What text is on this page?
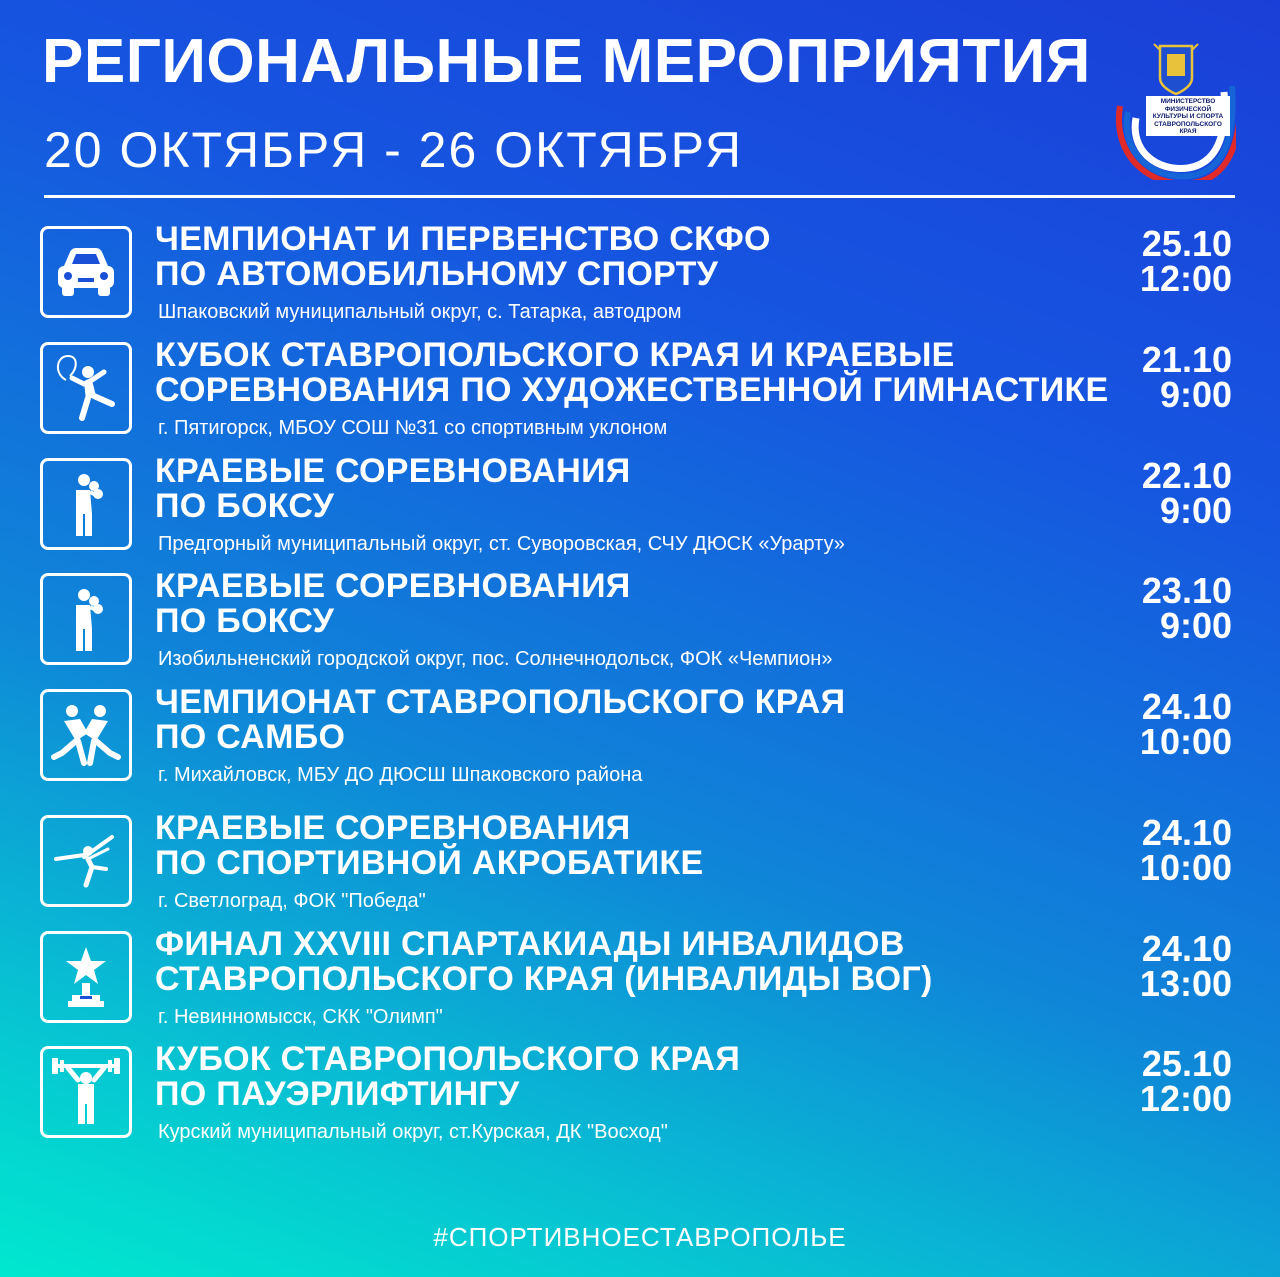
РЕГИОНАЛЬНЫЕ МЕРОПРИЯТИЯ
20 ОКТЯБРЯ - 26 ОКТЯБРЯ
МИНИСТЕРСТВО
ФИЗИЧЕСКОЙ
КУЛЬТУРЫ И СПОРТА
СТАВРОПОЛЬСКОГО
КРАЯ
ЧЕМПИОНАТ И ПЕРВЕНСТВО СКФО
ПО АВТОМОБИЛЬНОМУ СПОРТУ
Шпаковский муниципальный округ, с. Татарка, автодром
25.10
12:00
КУБОК СТАВРОПОЛЬСКОГО КРАЯ И КРАЕВЫЕ
СОРЕВНОВАНИЯ ПО ХУДОЖЕСТВЕННОЙ ГИМНАСТИКЕ
г. Пятигорск, МБОУ СОШ №31 со спортивным уклоном
21.10
9:00
КРАЕВЫЕ СОРЕВНОВАНИЯ
ПО БОКСУ
Предгорный муниципальный округ, ст. Суворовская, СЧУ ДЮСК «Урарту»
22.10
9:00
КРАЕВЫЕ СОРЕВНОВАНИЯ
ПО БОКСУ
Изобильненский городской округ, пос. Солнечнодольск, ФОК «Чемпион»
23.10
9:00
ЧЕМПИОНАТ СТАВРОПОЛЬСКОГО КРАЯ
ПО САМБО
г. Михайловск, МБУ ДО ДЮСШ Шпаковского района
24.10
10:00
КРАЕВЫЕ СОРЕВНОВАНИЯ
ПО СПОРТИВНОЙ АКРОБАТИКЕ
г. Светлоград, ФОК "Победа"
24.10
10:00
ФИНАЛ XXVIII СПАРТАКИАДЫ ИНВАЛИДОВ
СТАВРОПОЛЬСКОГО КРАЯ (ИНВАЛИДЫ ВОГ)
г. Невинномысск, СКК "Олимп"
24.10
13:00
КУБОК СТАВРОПОЛЬСКОГО КРАЯ
ПО ПАУЭРЛИФТИНГУ
Курский муниципальный округ, ст.Курская, ДК "Восход"
25.10
12:00
#СПОРТИВНОЕСТАВРОПОЛЬЕ
